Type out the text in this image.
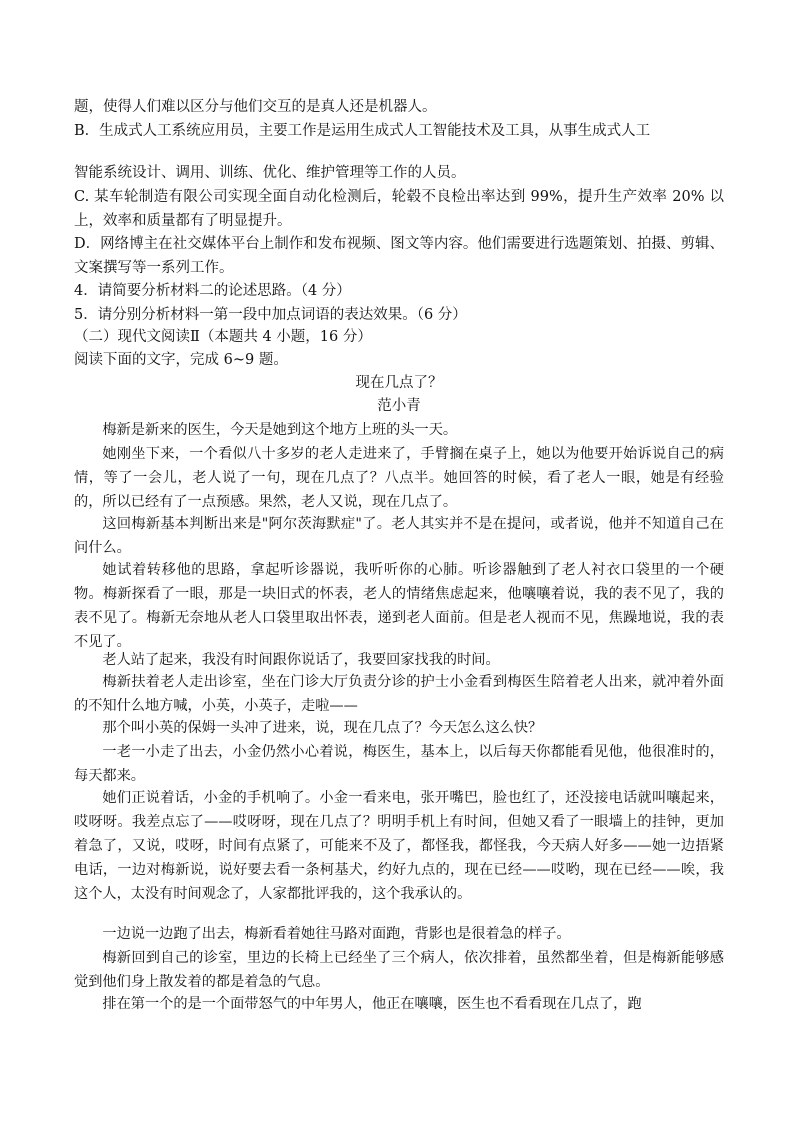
题，使得人们难以区分与他们交互的是真人还是机器人。

B．生成式人工系统应用员，主要工作是运用生成式人工智能技术及工具，从事生成式人工

智能系统设计、调用、训练、优化、维护管理等工作的人员。

C. 某车轮制造有限公司实现全面自动化检测后，轮毂不良检出率达到 99%，提升生产效率 20% 以上，效率和质量都有了明显提升。

D．网络博主在社交媒体平台上制作和发布视频、图文等内容。他们需要进行选题策划、拍摄、剪辑、文案撰写等一系列工作。

4．请简要分析材料二的论述思路。（4 分）

5．请分别分析材料一第一段中加点词语的表达效果。（6 分）

（二）现代文阅读Ⅱ（本题共 4 小题，16 分）

阅读下面的文字，完成 6~9 题。

现在几点了？

范小青

梅新是新来的医生，今天是她到这个地方上班的头一天。

她刚坐下来，一个看似八十多岁的老人走进来了，手臂搁在桌子上，她以为他要开始诉说自己的病情，等了一会儿，老人说了一句，现在几点了？八点半。她回答的时候，看了老人一眼，她是有经验的，所以已经有了一点预感。果然，老人又说，现在几点了。

这回梅新基本判断出来是"阿尔茨海默症"了。老人其实并不是在提问，或者说，他并不知道自己在问什么。

她试着转移他的思路，拿起听诊器说，我听听你的心肺。听诊器触到了老人衬衣口袋里的一个硬物。梅新探看了一眼，那是一块旧式的怀表，老人的情绪焦虑起来，他嚷嚷着说，我的表不见了，我的表不见了。梅新无奈地从老人口袋里取出怀表，递到老人面前。但是老人视而不见，焦躁地说，我的表不见了。

老人站了起来，我没有时间跟你说话了，我要回家找我的时间。

梅新扶着老人走出诊室，坐在门诊大厅负责分诊的护士小金看到梅医生陪着老人出来，就冲着外面的不知什么地方喊，小英，小英子，走啦——

那个叫小英的保姆一头冲了进来，说，现在几点了？今天怎么这么快？

一老一小走了出去，小金仍然小心着说，梅医生，基本上，以后每天你都能看见他，他很准时的，每天都来。

她们正说着话，小金的手机响了。小金一看来电，张开嘴巴，脸也红了，还没接电话就叫嚷起来，哎呀呀。我差点忘了——哎呀呀，现在几点了？明明手机上有时间，但她又看了一眼墙上的挂钟，更加着急了，又说，哎呀，时间有点紧了，可能来不及了，都怪我，都怪我，今天病人好多——她一边捂紧电话，一边对梅新说，说好要去看一条柯基犬，约好九点的，现在已经——哎哟，现在已经——唉，我这个人，太没有时间观念了，人家都批评我的，这个我承认的。

一边说一边跑了出去，梅新看着她往马路对面跑，背影也是很着急的样子。

梅新回到自己的诊室，里边的长椅上已经坐了三个病人，依次排着，虽然都坐着，但是梅新能够感觉到他们身上散发着的都是着急的气息。

排在第一个的是一个面带怒气的中年男人，他正在嚷嚷，医生也不看看现在几点了，跑
